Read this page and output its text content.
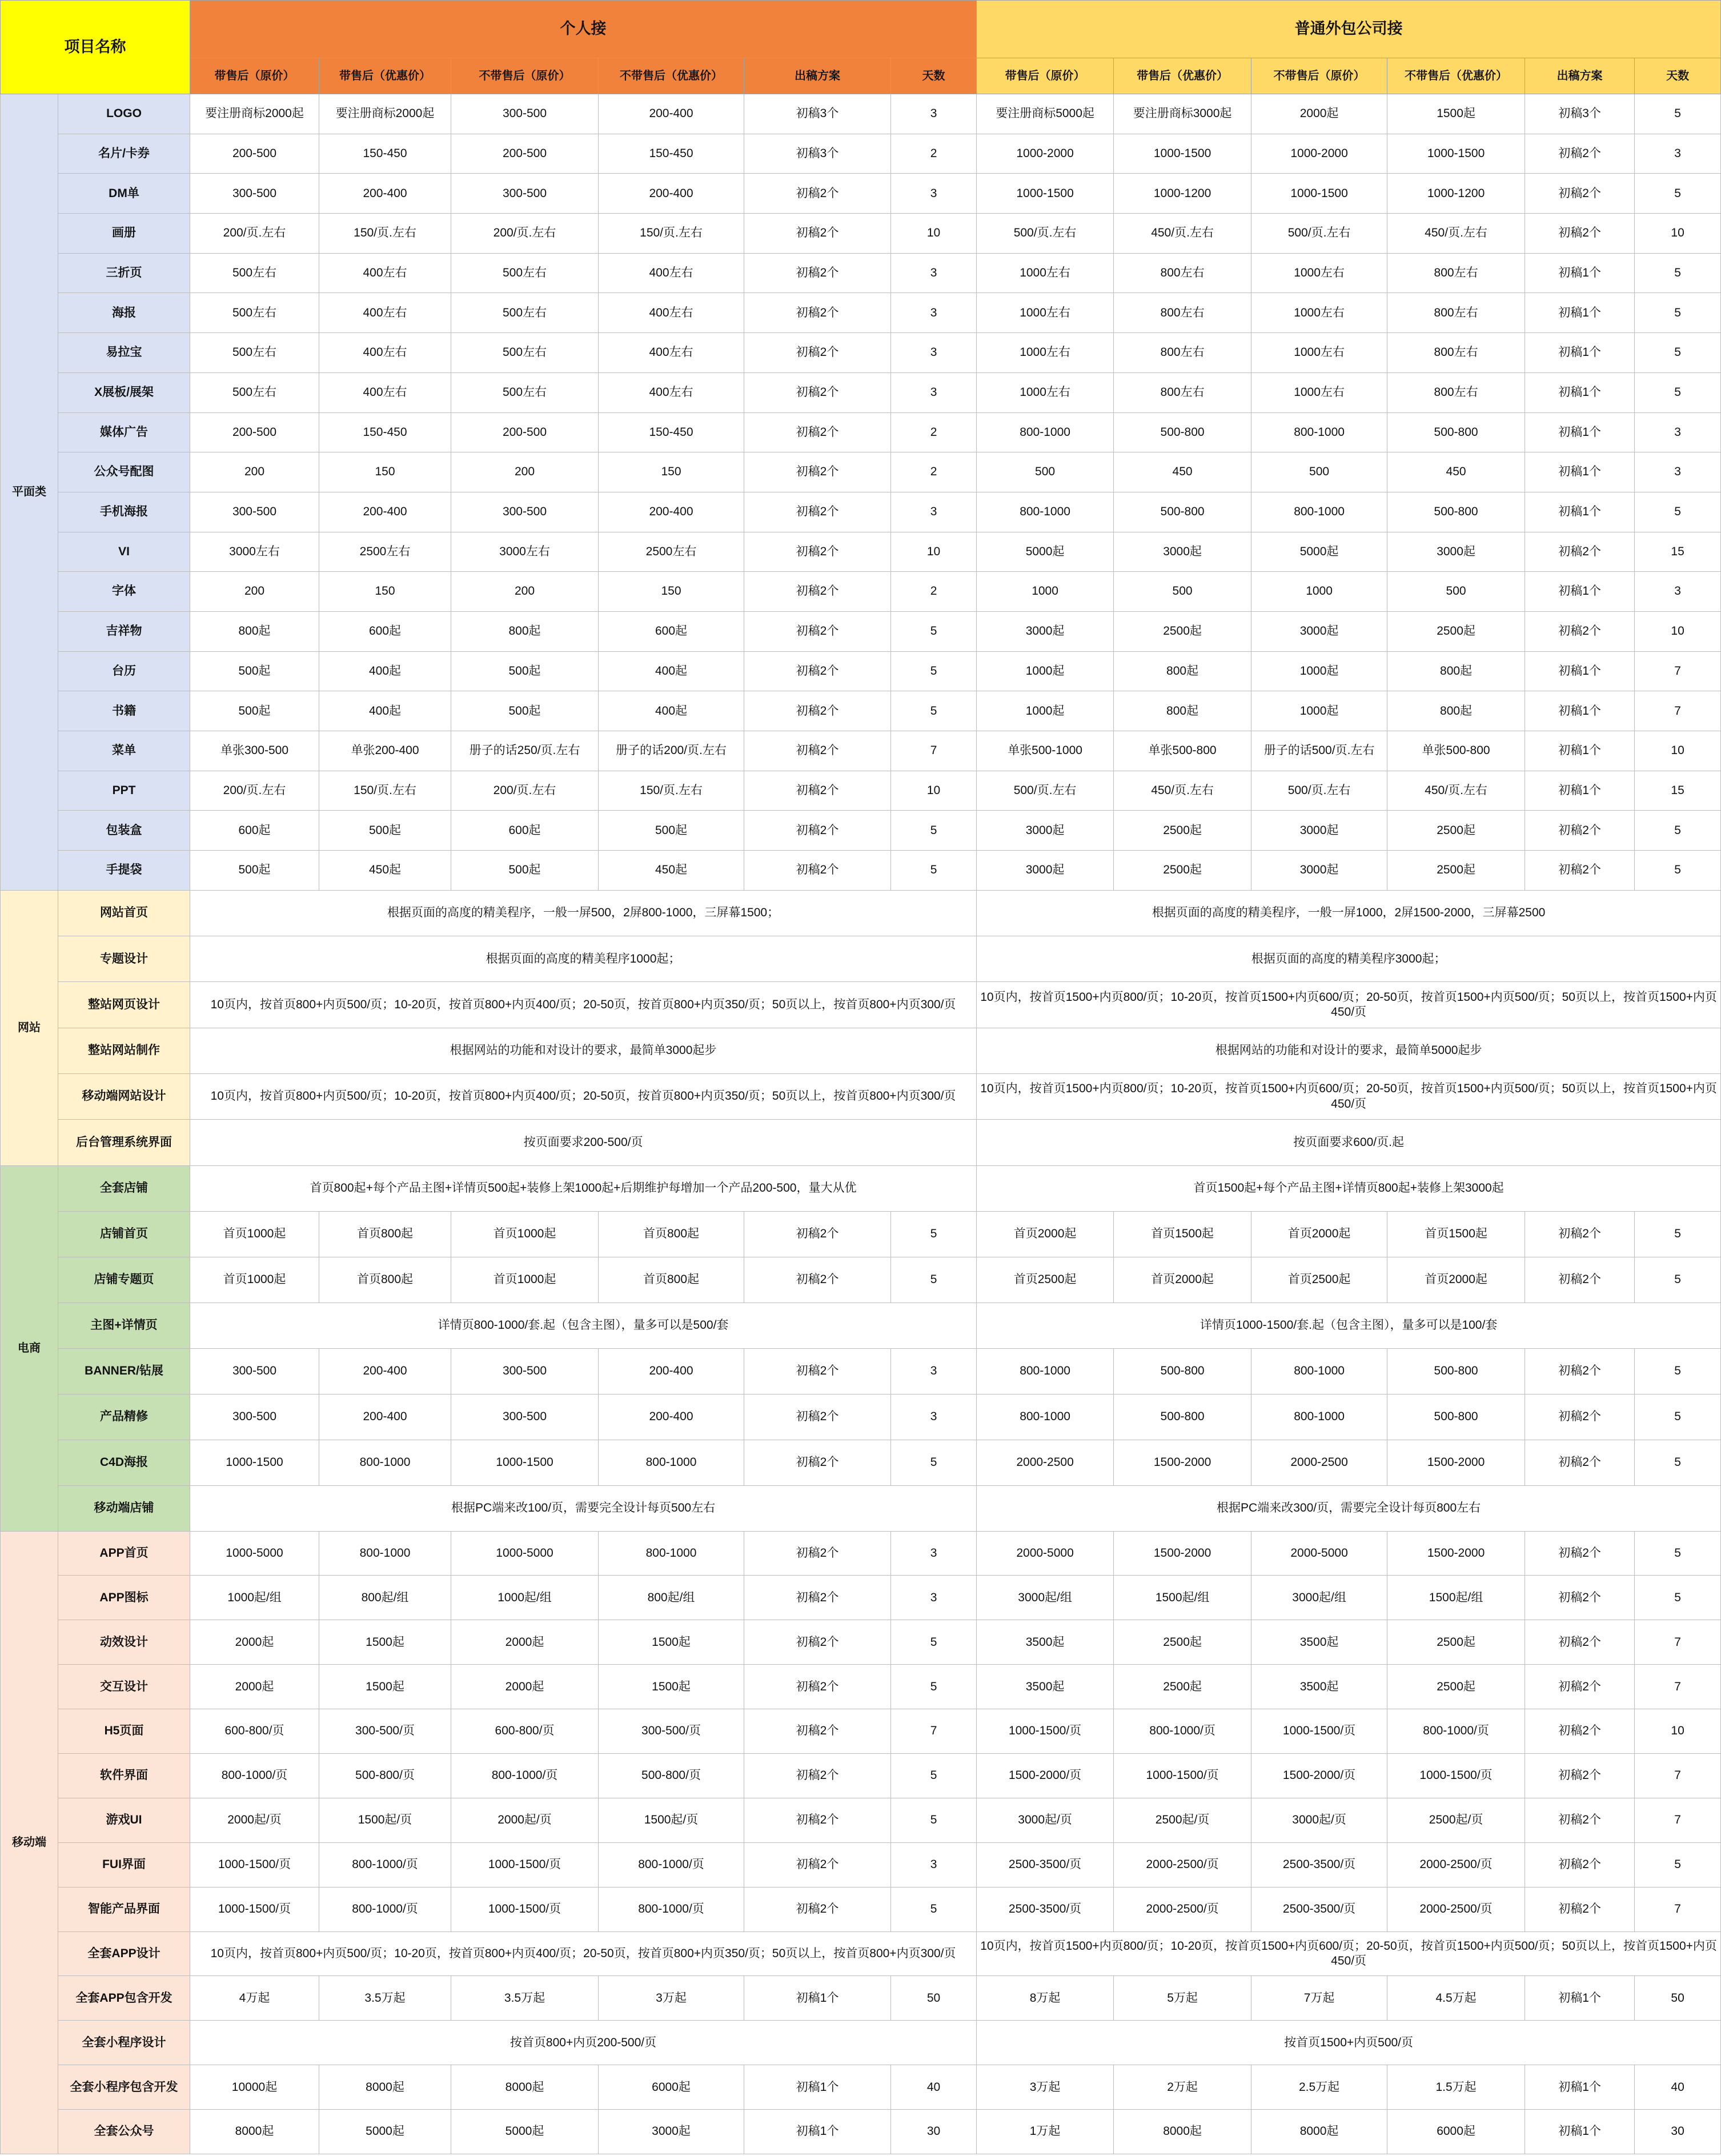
项目名称		个人接						普通外包公司接					
		带售后（原价）	带售后（优惠价）	不带售后（原价）	不带售后（优惠价）	出稿方案	天数	带售后（原价）	带售后（优惠价）	不带售后（原价）	不带售后（优惠价）	出稿方案	天数
平面类	LOGO	要注册商标2000起	要注册商标2000起	300-500	200-400	初稿3个	3	要注册商标5000起	要注册商标3000起	2000起	1500起	初稿3个	5
	名片/卡券	200-500	150-450	200-500	150-450	初稿3个	2	1000-2000	1000-1500	1000-2000	1000-1500	初稿2个	3
	DM单	300-500	200-400	300-500	200-400	初稿2个	3	1000-1500	1000-1200	1000-1500	1000-1200	初稿2个	5
	画册	200/页.左右	150/页.左右	200/页.左右	150/页.左右	初稿2个	10	500/页.左右	450/页.左右	500/页.左右	450/页.左右	初稿2个	10
	三折页	500左右	400左右	500左右	400左右	初稿2个	3	1000左右	800左右	1000左右	800左右	初稿1个	5
	海报	500左右	400左右	500左右	400左右	初稿2个	3	1000左右	800左右	1000左右	800左右	初稿1个	5
	易拉宝	500左右	400左右	500左右	400左右	初稿2个	3	1000左右	800左右	1000左右	800左右	初稿1个	5
	X展板/展架	500左右	400左右	500左右	400左右	初稿2个	3	1000左右	800左右	1000左右	800左右	初稿1个	5
	媒体广告	200-500	150-450	200-500	150-450	初稿2个	2	800-1000	500-800	800-1000	500-800	初稿1个	3
	公众号配图	200	150	200	150	初稿2个	2	500	450	500	450	初稿1个	3
	手机海报	300-500	200-400	300-500	200-400	初稿2个	3	800-1000	500-800	800-1000	500-800	初稿1个	5
	VI	3000左右	2500左右	3000左右	2500左右	初稿2个	10	5000起	3000起	5000起	3000起	初稿2个	15
	字体	200	150	200	150	初稿2个	2	1000	500	1000	500	初稿1个	3
	吉祥物	800起	600起	800起	600起	初稿2个	5	3000起	2500起	3000起	2500起	初稿2个	10
	台历	500起	400起	500起	400起	初稿2个	5	1000起	800起	1000起	800起	初稿1个	7
	书籍	500起	400起	500起	400起	初稿2个	5	1000起	800起	1000起	800起	初稿1个	7
	菜单	单张300-500	单张200-400	册子的话250/页.左右	册子的话200/页.左右	初稿2个	7	单张500-1000	单张500-800	册子的话500/页.左右	单张500-800	初稿1个	10
	PPT	200/页.左右	150/页.左右	200/页.左右	150/页.左右	初稿2个	10	500/页.左右	450/页.左右	500/页.左右	450/页.左右	初稿1个	15
	包装盒	600起	500起	600起	500起	初稿2个	5	3000起	2500起	3000起	2500起	初稿2个	5
	手提袋	500起	450起	500起	450起	初稿2个	5	3000起	2500起	3000起	2500起	初稿2个	5
网站	网站首页	根据页面的高度的精美程序，一般一屏500，2屏800-1000，三屏幕1500；						根据页面的高度的精美程序，一般一屏1000，2屏1500-2000，三屏幕2500					
	专题设计	根据页面的高度的精美程序1000起；						根据页面的高度的精美程序3000起；					
	整站网页设计	10页内，按首页800+内页500/页；10-20页，按首页800+内页400/页；20-50页，按首页800+内页350/页；50页以上，按首页800+内页300/页						10页内，按首页1500+内页800/页；10-20页，按首页1500+内页600/页；20-50页，按首页1500+内页500/页；50页以上，按首页1500+内页450/页					
	整站网站制作	根据网站的功能和对设计的要求，最简单3000起步						根据网站的功能和对设计的要求，最简单5000起步					
	移动端网站设计	10页内，按首页800+内页500/页；10-20页，按首页800+内页400/页；20-50页，按首页800+内页350/页；50页以上，按首页800+内页300/页						10页内，按首页1500+内页800/页；10-20页，按首页1500+内页600/页；20-50页，按首页1500+内页500/页；50页以上，按首页1500+内页450/页					
	后台管理系统界面	按页面要求200-500/页						按页面要求600/页.起					
电商	全套店铺	首页800起+每个产品主图+详情页500起+装修上架1000起+后期维护每增加一个产品200-500，量大从优						首页1500起+每个产品主图+详情页800起+装修上架3000起					
	店铺首页	首页1000起	首页800起	首页1000起	首页800起	初稿2个	5	首页2000起	首页1500起	首页2000起	首页1500起	初稿2个	5
	店铺专题页	首页1000起	首页800起	首页1000起	首页800起	初稿2个	5	首页2500起	首页2000起	首页2500起	首页2000起	初稿2个	5
	主图+详情页	详情页800-1000/套.起（包含主图），量多可以是500/套						详情页1000-1500/套.起（包含主图），量多可以是100/套					
	BANNER/钻展	300-500	200-400	300-500	200-400	初稿2个	3	800-1000	500-800	800-1000	500-800	初稿2个	5
	产品精修	300-500	200-400	300-500	200-400	初稿2个	3	800-1000	500-800	800-1000	500-800	初稿2个	5
	C4D海报	1000-1500	800-1000	1000-1500	800-1000	初稿2个	5	2000-2500	1500-2000	2000-2500	1500-2000	初稿2个	5
	移动端店铺	根据PC端来改100/页，需要完全设计每页500左右						根据PC端来改300/页，需要完全设计每页800左右					
移动端	APP首页	1000-5000	800-1000	1000-5000	800-1000	初稿2个	3	2000-5000	1500-2000	2000-5000	1500-2000	初稿2个	5
	APP图标	1000起/组	800起/组	1000起/组	800起/组	初稿2个	3	3000起/组	1500起/组	3000起/组	1500起/组	初稿2个	5
	动效设计	2000起	1500起	2000起	1500起	初稿2个	5	3500起	2500起	3500起	2500起	初稿2个	7
	交互设计	2000起	1500起	2000起	1500起	初稿2个	5	3500起	2500起	3500起	2500起	初稿2个	7
	H5页面	600-800/页	300-500/页	600-800/页	300-500/页	初稿2个	7	1000-1500/页	800-1000/页	1000-1500/页	800-1000/页	初稿2个	10
	软件界面	800-1000/页	500-800/页	800-1000/页	500-800/页	初稿2个	5	1500-2000/页	1000-1500/页	1500-2000/页	1000-1500/页	初稿2个	7
	游戏UI	2000起/页	1500起/页	2000起/页	1500起/页	初稿2个	5	3000起/页	2500起/页	3000起/页	2500起/页	初稿2个	7
	FUI界面	1000-1500/页	800-1000/页	1000-1500/页	800-1000/页	初稿2个	3	2500-3500/页	2000-2500/页	2500-3500/页	2000-2500/页	初稿2个	5
	智能产品界面	1000-1500/页	800-1000/页	1000-1500/页	800-1000/页	初稿2个	5	2500-3500/页	2000-2500/页	2500-3500/页	2000-2500/页	初稿2个	7
	全套APP设计	10页内，按首页800+内页500/页；10-20页，按首页800+内页400/页；20-50页，按首页800+内页350/页；50页以上，按首页800+内页300/页						10页内，按首页1500+内页800/页；10-20页，按首页1500+内页600/页；20-50页，按首页1500+内页500/页；50页以上，按首页1500+内页450/页					
	全套APP包含开发	4万起	3.5万起	3.5万起	3万起	初稿1个	50	8万起	5万起	7万起	4.5万起	初稿1个	50
	全套小程序设计	按首页800+内页200-500/页						按首页1500+内页500/页					
	全套小程序包含开发	10000起	8000起	8000起	6000起	初稿1个	40	3万起	2万起	2.5万起	1.5万起	初稿1个	40
	全套公众号	8000起	5000起	5000起	3000起	初稿1个	30	1万起	8000起	8000起	6000起	初稿1个	30
